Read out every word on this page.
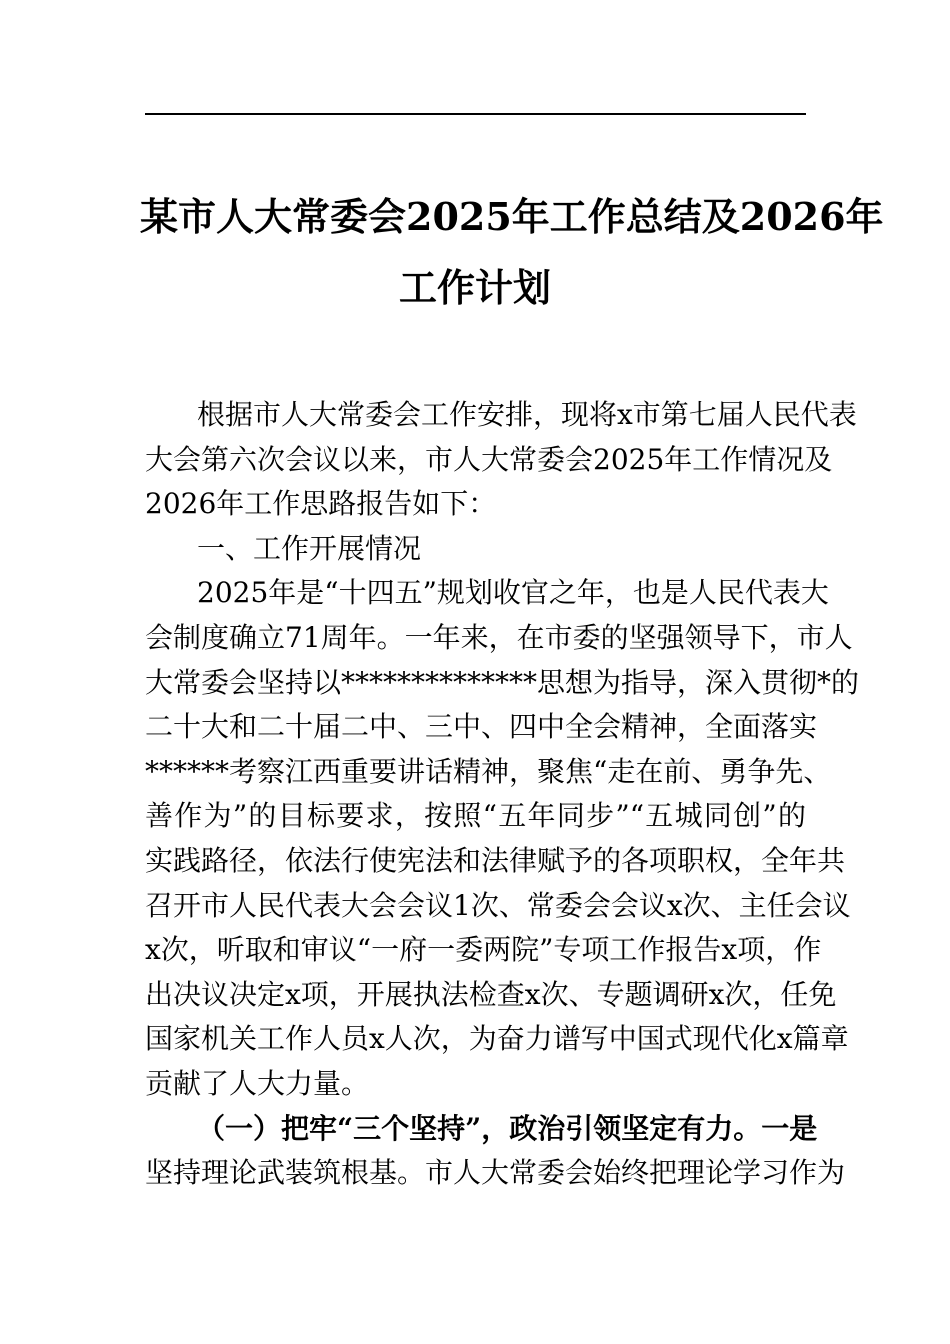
某市人大常委会2025年工作总结及2026年
工作计划
根据市人大常委会工作安排，现将x市第七届人民代表
大会第六次会议以来，市人大常委会2025年工作情况及
2026年工作思路报告如下：
一、工作开展情况
2025年是“十四五”规划收官之年，也是人民代表大
会制度确立71周年。一年来，在市委的坚强领导下，市人
大常委会坚持以**************思想为指导，深入贯彻*的
二十大和二十届二中、三中、四中全会精神，全面落实
******考察江西重要讲话精神，聚焦“走在前、勇争先、
善作为”的目标要求，按照“五年同步”“五城同创”的
实践路径，依法行使宪法和法律赋予的各项职权，全年共
召开市人民代表大会会议1次、常委会会议x次、主任会议
x次，听取和审议“一府一委两院”专项工作报告x项，作
出决议决定x项，开展执法检查x次、专题调研x次，任免
国家机关工作人员x人次，为奋力谱写中国式现代化x篇章
贡献了人大力量。
（一）把牢“三个坚持”，政治引领坚定有力。一是
坚持理论武装筑根基。市人大常委会始终把理论学习作为
